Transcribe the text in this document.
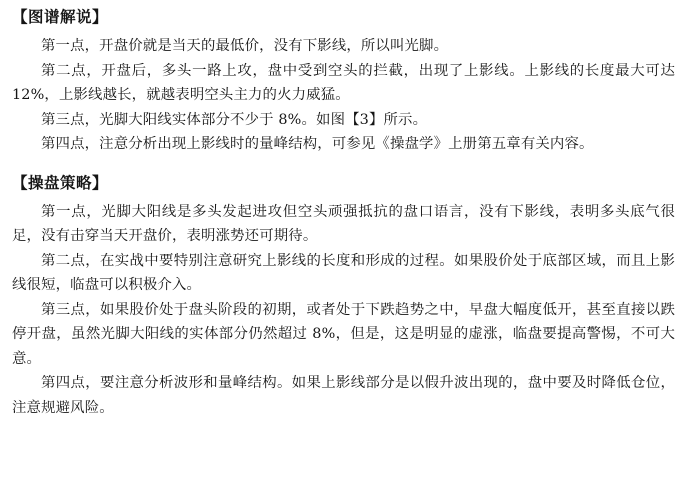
【图谱解说】

第一点，开盘价就是当天的最低价，没有下影线，所以叫光脚。

第二点，开盘后，多头一路上攻，盘中受到空头的拦截，出现了上影线。上影线的长度最大可达 12%，上影线越长，就越表明空头主力的火力威猛。

第三点，光脚大阳线实体部分不少于 8%。如图【3】所示。

第四点，注意分析出现上影线时的量峰结构，可参见《操盘学》上册第五章有关内容。

【操盘策略】

第一点，光脚大阳线是多头发起进攻但空头顽强抵抗的盘口语言，没有下影线，表明多头底气很足，没有击穿当天开盘价，表明涨势还可期待。

第二点，在实战中要特别注意研究上影线的长度和形成的过程。如果股价处于底部区域，而且上影线很短，临盘可以积极介入。

第三点，如果股价处于盘头阶段的初期，或者处于下跌趋势之中，早盘大幅度低开，甚至直接以跌停开盘，虽然光脚大阳线的实体部分仍然超过 8%，但是，这是明显的虚涨，临盘要提高警惕，不可大意。

第四点，要注意分析波形和量峰结构。如果上影线部分是以假升波出现的，盘中要及时降低仓位，注意规避风险。
